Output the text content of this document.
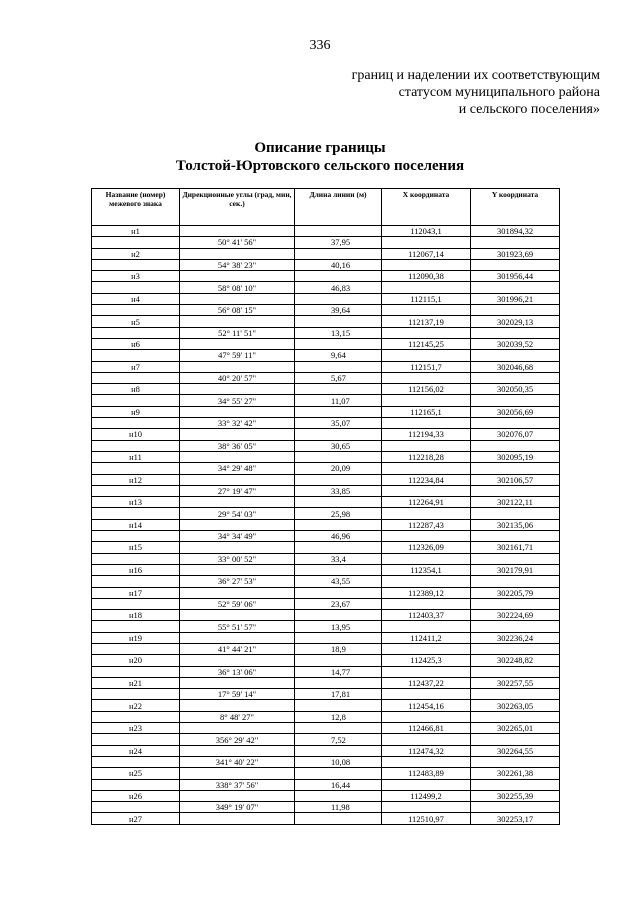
336
границ и наделении их соответствующим
статусом муниципального района
и сельского поселения»
Описание границы
Толстой-Юртовского сельского поселения
Название (номер) межевого знака	Дирекционные углы (град, мин, сек.)	Длина линии (м)	Х координата	Y координата
н1			112043,1	301894,32
	50° 41' 56"	37,95		
н2			112067,14	301923,69
	54° 38' 23"	40,16		
н3			112090,38	301956,44
	58° 08' 10"	46,83		
н4			112115,1	301996,21
	56° 08' 15"	39,64		
н5			112137,19	302029,13
	52° 11' 51"	13,15		
н6			112145,25	302039,52
	47° 59' 11"	9,64		
н7			112151,7	302046,68
	40° 20' 57"	5,67		
н8			112156,02	302050,35
	34° 55' 27"	11,07		
н9			112165,1	302056,69
	33° 32' 42"	35,07		
н10			112194,33	302076,07
	38° 36' 05"	30,65		
н11			112218,28	302095,19
	34° 29' 48"	20,09		
н12			112234,84	302106,57
	27° 19' 47"	33,85		
н13			112264,91	302122,11
	29° 54' 03"	25,98		
н14			112287,43	302135,06
	34° 34' 49"	46,96		
н15			112326,09	302161,71
	33° 00' 52"	33,4		
н16			112354,1	302179,91
	36° 27' 53"	43,55		
н17			112389,12	302205,79
	52° 59' 06"	23,67		
н18			112403,37	302224,69
	55° 51' 57"	13,95		
н19			112411,2	302236,24
	41° 44' 21"	18,9		
н20			112425,3	302248,82
	36° 13' 06"	14,77		
н21			112437,22	302257,55
	17° 59' 14"	17,81		
н22			112454,16	302263,05
	8° 48' 27"	12,8		
н23			112466,81	302265,01
	356° 29' 42"	7,52		
н24			112474,32	302264,55
	341° 40' 22"	10,08		
н25			112483,89	302261,38
	338° 37' 56"	16,44		
н26			112499,2	302255,39
	349° 19' 07"	11,98		
н27			112510,97	302253,17
